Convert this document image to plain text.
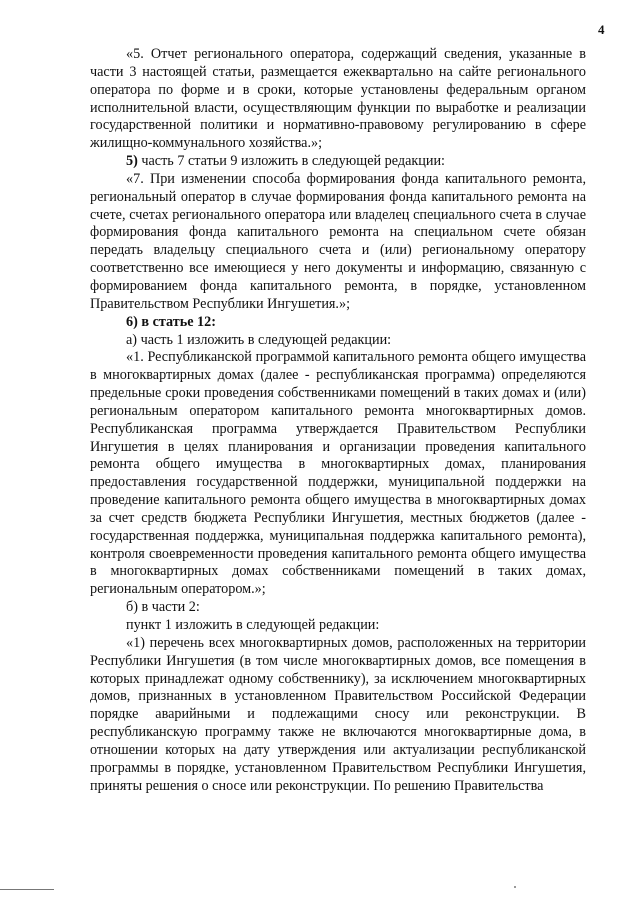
4

«5. Отчет регионального оператора, содержащий сведения, указанные в части 3 настоящей статьи, размещается ежеквартально на сайте регионального оператора по форме и в сроки, которые установлены федеральным органом исполнительной власти, осуществляющим функции по выработке и реализации государственной политики и нормативно-правовому регулированию в сфере жилищно-коммунального хозяйства.»;

5) часть 7 статьи 9 изложить в следующей редакции:

«7. При изменении способа формирования фонда капитального ремонта, региональный оператор в случае формирования фонда капитального ремонта на счете, счетах регионального оператора или владелец специального счета в случае формирования фонда капитального ремонта на специальном счете обязан передать владельцу специального счета и (или) региональному оператору соответственно все имеющиеся у него документы и информацию, связанную с формированием фонда капитального ремонта, в порядке, установленном Правительством Республики Ингушетия.»;

6) в статье 12:

а) часть 1 изложить в следующей редакции:

«1. Республиканской программой капитального ремонта общего имущества в многоквартирных домах (далее - республиканская программа) определяются предельные сроки проведения собственниками помещений в таких домах и (или) региональным оператором капитального ремонта многоквартирных домов. Республиканская программа утверждается Правительством Республики Ингушетия в целях планирования и организации проведения капитального ремонта общего имущества в многоквартирных домах, планирования предоставления государственной поддержки, муниципальной поддержки на проведение капитального ремонта общего имущества в многоквартирных домах за счет средств бюджета Республики Ингушетия, местных бюджетов (далее - государственная поддержка, муниципальная поддержка капитального ремонта), контроля своевременности проведения капитального ремонта общего имущества в многоквартирных домах собственниками помещений в таких домах, региональным оператором.»;

б) в части 2:

пункт 1 изложить в следующей редакции:

«1) перечень всех многоквартирных домов, расположенных на территории Республики Ингушетия (в том числе многоквартирных домов, все помещения в которых принадлежат одному собственнику), за исключением многоквартирных домов, признанных в установленном Правительством Российской Федерации порядке аварийными и подлежащими сносу или реконструкции. В республиканскую программу также не включаются многоквартирные дома, в отношении которых на дату утверждения или актуализации республиканской программы в порядке, установленном Правительством Республики Ингушетия, приняты решения о сносе или реконструкции. По решению Правительства
